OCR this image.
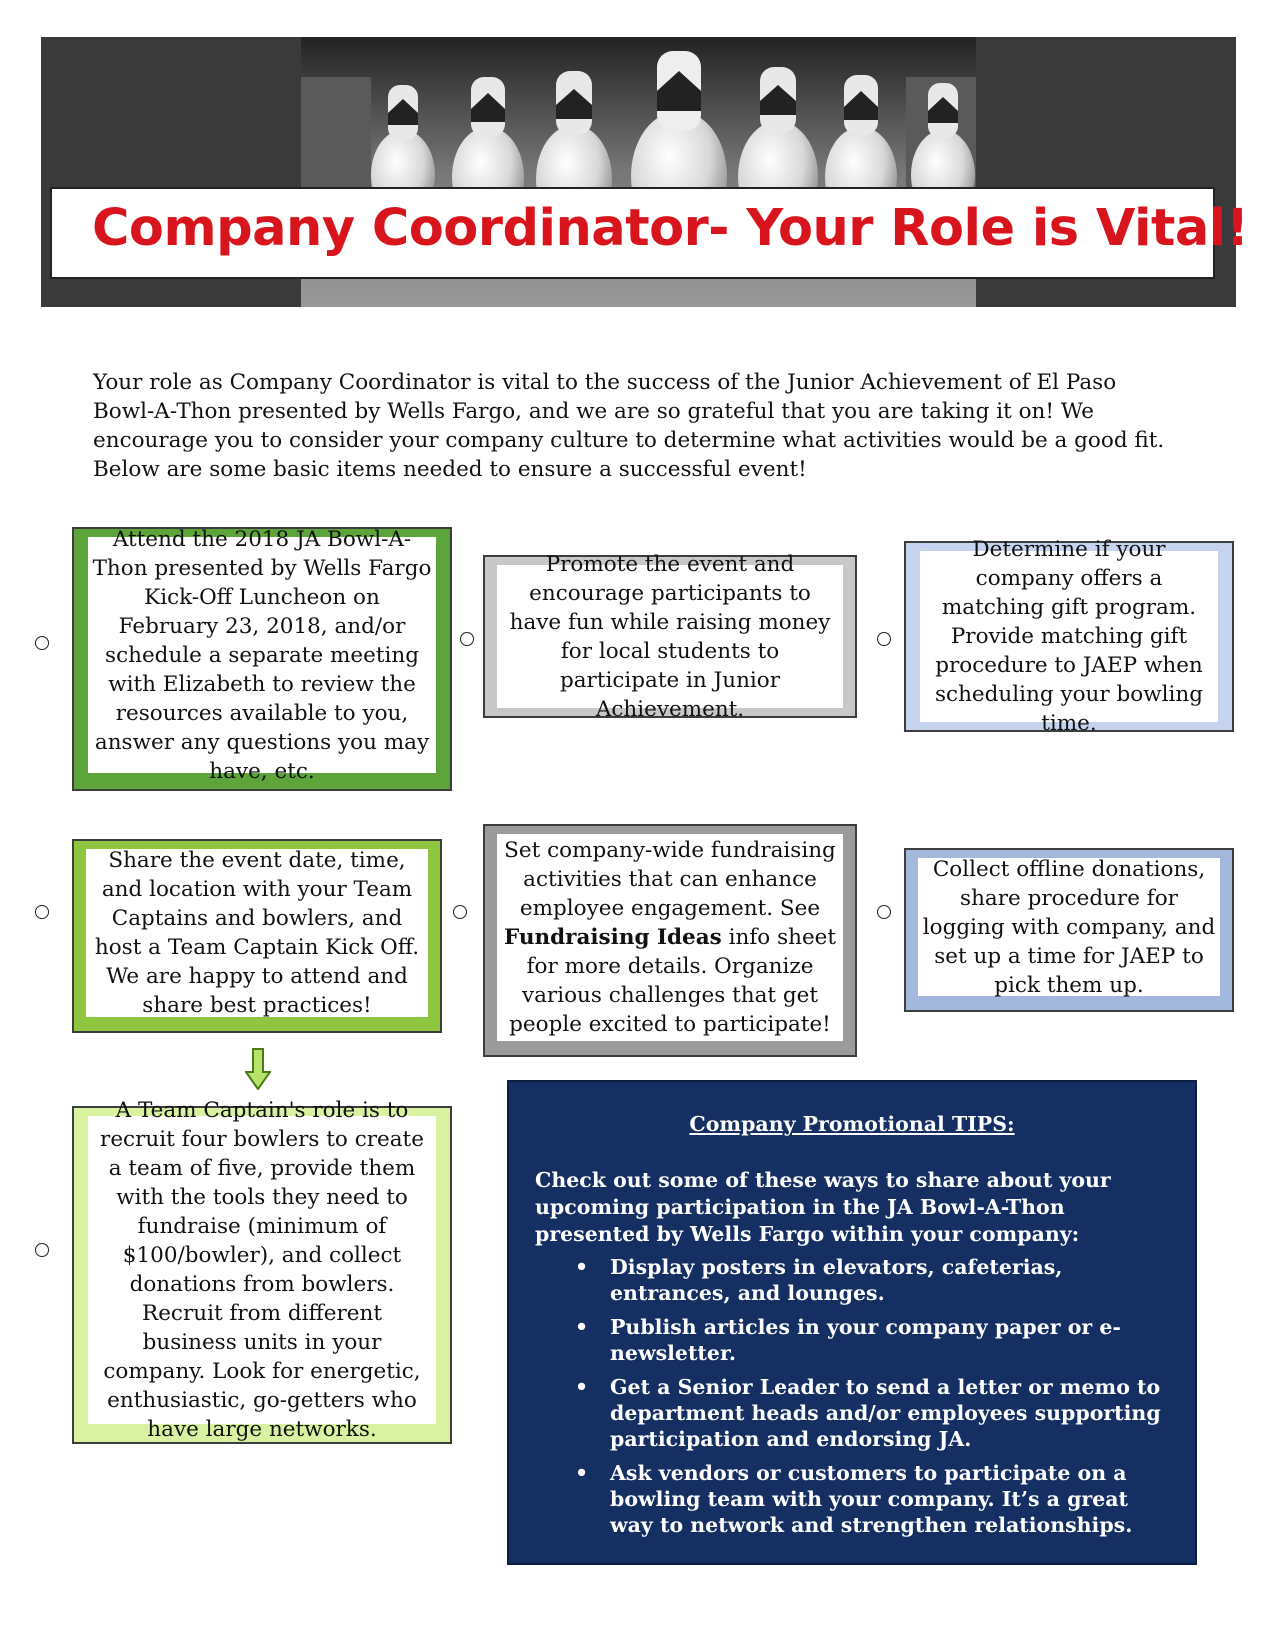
Company Coordinator- Your Role is Vital!
Your role as Company Coordinator is vital to the success of the Junior Achievement of El Paso Bowl-A-Thon presented by Wells Fargo, and we are so grateful that you are taking it on! We encourage you to consider your company culture to determine what activities would be a good fit. Below are some basic items needed to ensure a successful event!
Attend the 2018 JA Bowl-A-Thon presented by Wells Fargo Kick-Off Luncheon on February 23, 2018, and/or schedule a separate meeting with Elizabeth to review the resources available to you, answer any questions you may have, etc.
Promote the event and encourage participants to have fun while raising money for local students to participate in Junior Achievement.
Determine if your company offers a matching gift program. Provide matching gift procedure to JAEP when scheduling your bowling time.
Share the event date, time, and location with your Team Captains and bowlers, and host a Team Captain Kick Off. We are happy to attend and share best practices!
Set company-wide fundraising activities that can enhance employee engagement. See Fundraising Ideas info sheet for more details. Organize various challenges that get people excited to participate!
Collect offline donations, share procedure for logging with company, and set up a time for JAEP to pick them up.
A Team Captain's role is to recruit four bowlers to create a team of five, provide them with the tools they need to fundraise (minimum of $100/bowler), and collect donations from bowlers. Recruit from different business units in your company. Look for energetic, enthusiastic, go-getters who have large networks.
Company Promotional TIPS:
Check out some of these ways to share about your upcoming participation in the JA Bowl-A-Thon presented by Wells Fargo within your company:
• Display posters in elevators, cafeterias, entrances, and lounges.
• Publish articles in your company paper or e-newsletter.
• Get a Senior Leader to send a letter or memo to department heads and/or employees supporting participation and endorsing JA.
• Ask vendors or customers to participate on a bowling team with your company. It’s a great way to network and strengthen relationships.
